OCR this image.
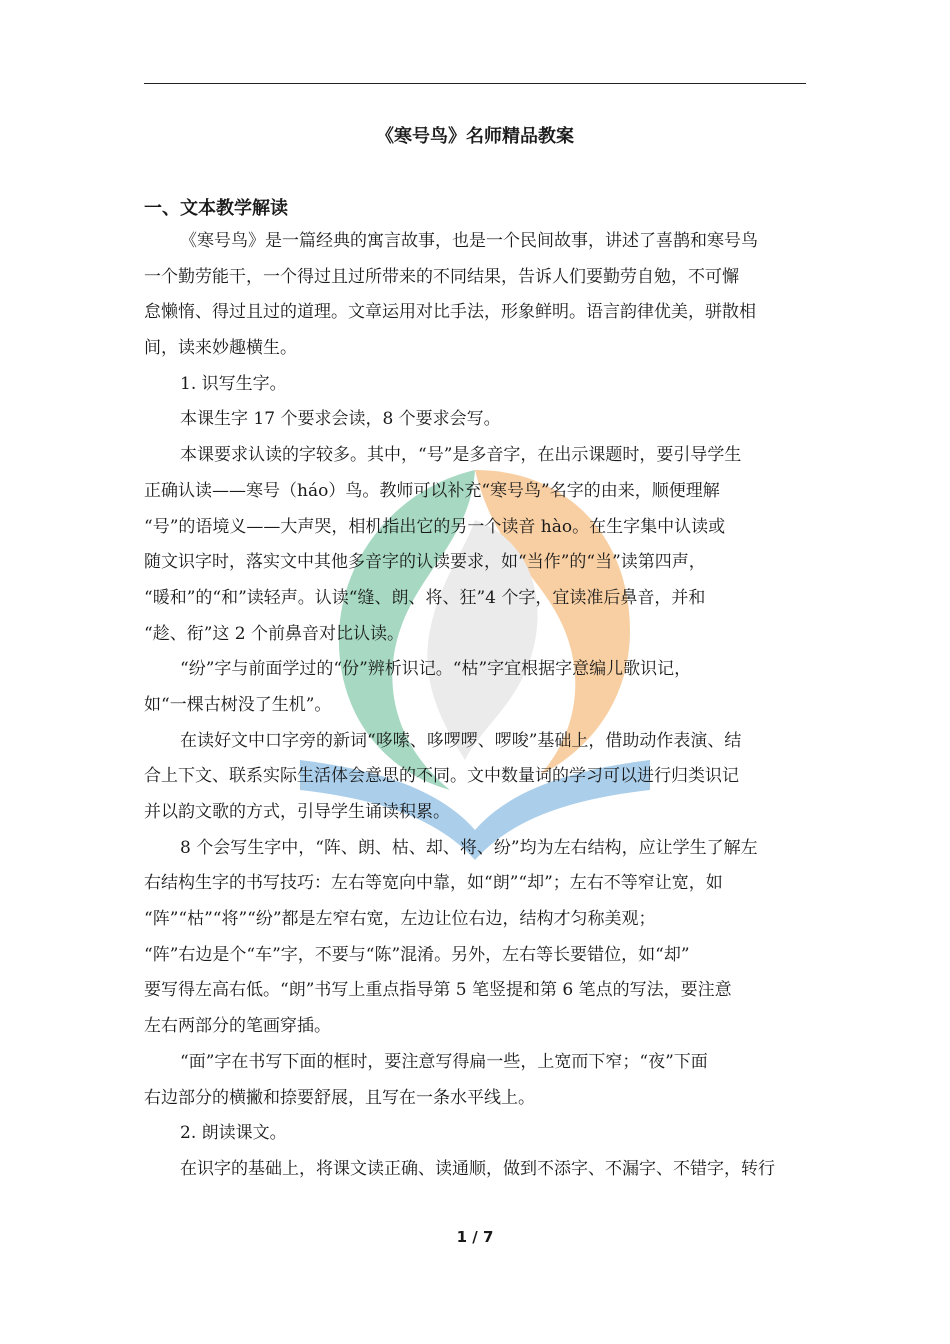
《寒号鸟》名师精品教案
一、文本教学解读
《寒号鸟》是一篇经典的寓言故事，也是一个民间故事，讲述了喜鹊和寒号鸟
一个勤劳能干，一个得过且过所带来的不同结果，告诉人们要勤劳自勉，不可懈
怠懒惰、得过且过的道理。文章运用对比手法，形象鲜明。语言韵律优美，骈散相
间，读来妙趣横生。
1. 识写生字。
本课生字 17 个要求会读，8 个要求会写。
本课要求认读的字较多。其中，“号”是多音字，在出示课题时，要引导学生
正确认读——寒号（háo）鸟。教师可以补充“寒号鸟”名字的由来，顺便理解
“号”的语境义——大声哭，相机指出它的另一个读音 hào。在生字集中认读或
随文识字时，落实文中其他多音字的认读要求，如“当作”的“当”读第四声，
“暖和”的“和”读轻声。认读“缝、朗、将、狂”4 个字，宜读准后鼻音，并和
“趁、衔”这 2 个前鼻音对比认读。
“纷”字与前面学过的“份”辨析识记。“枯”字宜根据字意编儿歌识记，
如“一棵古树没了生机”。
在读好文中口字旁的新词“哆嗦、哆啰啰、啰唆”基础上，借助动作表演、结
合上下文、联系实际生活体会意思的不同。文中数量词的学习可以进行归类识记
并以韵文歌的方式，引导学生诵读积累。
8 个会写生字中，“阵、朗、枯、却、将、纷”均为左右结构，应让学生了解左
右结构生字的书写技巧：左右等宽向中靠，如“朗”“却”；左右不等窄让宽，如
“阵”“枯”“将”“纷”都是左窄右宽，左边让位右边，结构才匀称美观；
“阵”右边是个“车”字，不要与“陈”混淆。另外，左右等长要错位，如“却”
要写得左高右低。“朗”书写上重点指导第 5 笔竖提和第 6 笔点的写法，要注意
左右两部分的笔画穿插。
“面”字在书写下面的框时，要注意写得扁一些，上宽而下窄；“夜”下面
右边部分的横撇和捺要舒展，且写在一条水平线上。
2. 朗读课文。
在识字的基础上，将课文读正确、读通顺，做到不添字、不漏字、不错字，转行
1 / 7
